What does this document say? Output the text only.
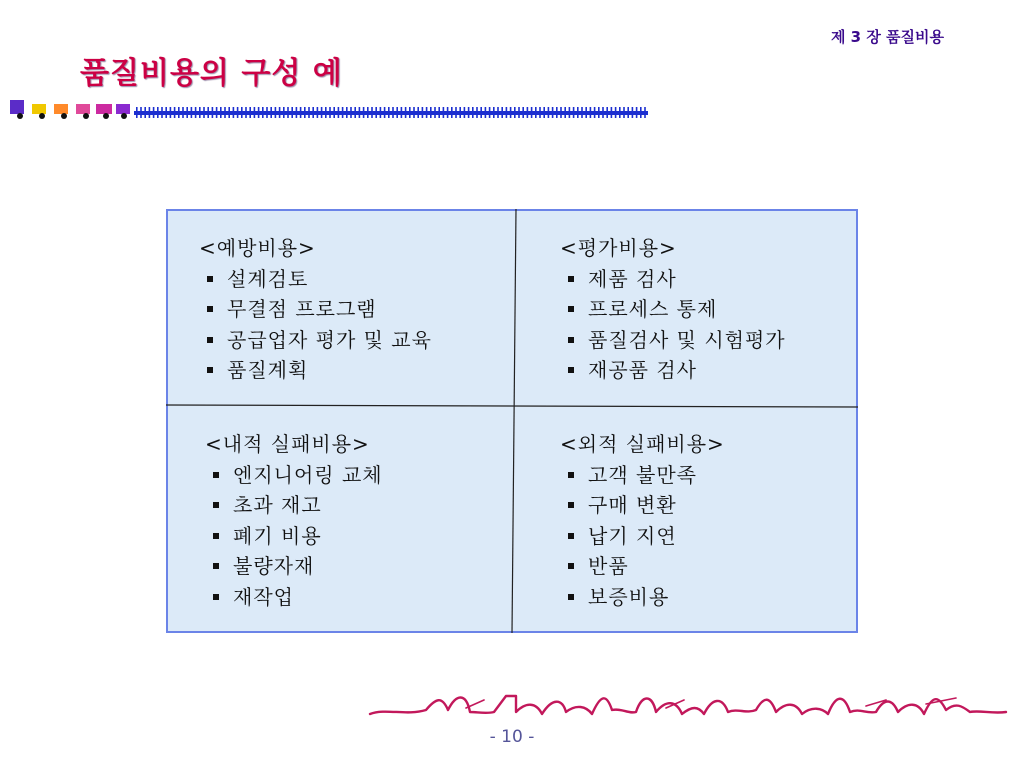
제 3 장 품질비용
품질비용의 구성 예
<예방비용>
설계검토
무결점 프로그램
공급업자 평가 및 교육
품질계획
<평가비용>
제품 검사
프로세스 통제
품질검사 및 시험평가
재공품 검사
<내적 실패비용>
엔지니어링 교체
초과 재고
폐기 비용
불량자재
재작업
<외적 실패비용>
고객 불만족
구매 변환
납기 지연
반품
보증비용
- 10 -
